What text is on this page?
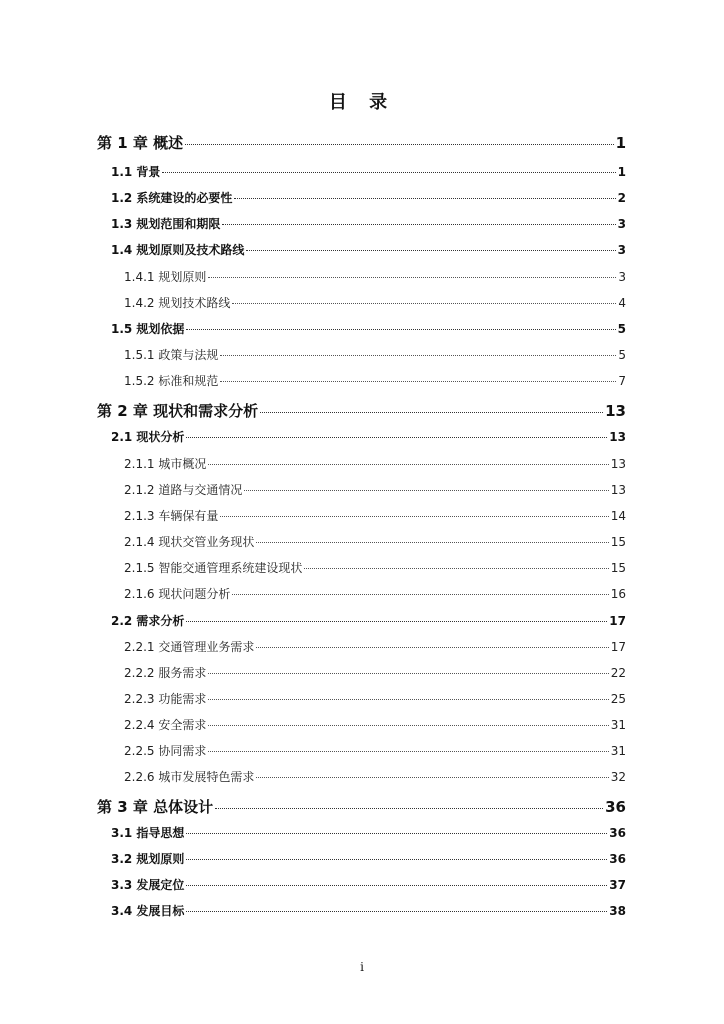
目 录
第 1 章 概述	1
1.1 背景	1
1.2 系统建设的必要性	2
1.3 规划范围和期限	3
1.4 规划原则及技术路线	3
1.4.1 规划原则	3
1.4.2 规划技术路线	4
1.5 规划依据	5
1.5.1 政策与法规	5
1.5.2 标准和规范	7
第 2 章 现状和需求分析	13
2.1 现状分析	13
2.1.1 城市概况	13
2.1.2 道路与交通情况	13
2.1.3 车辆保有量	14
2.1.4 现状交管业务现状	15
2.1.5 智能交通管理系统建设现状	15
2.1.6 现状问题分析	16
2.2 需求分析	17
2.2.1 交通管理业务需求	17
2.2.2 服务需求	22
2.2.3 功能需求	25
2.2.4 安全需求	31
2.2.5 协同需求	31
2.2.6 城市发展特色需求	32
第 3 章 总体设计	36
3.1 指导思想	36
3.2 规划原则	36
3.3 发展定位	37
3.4 发展目标	38
i
